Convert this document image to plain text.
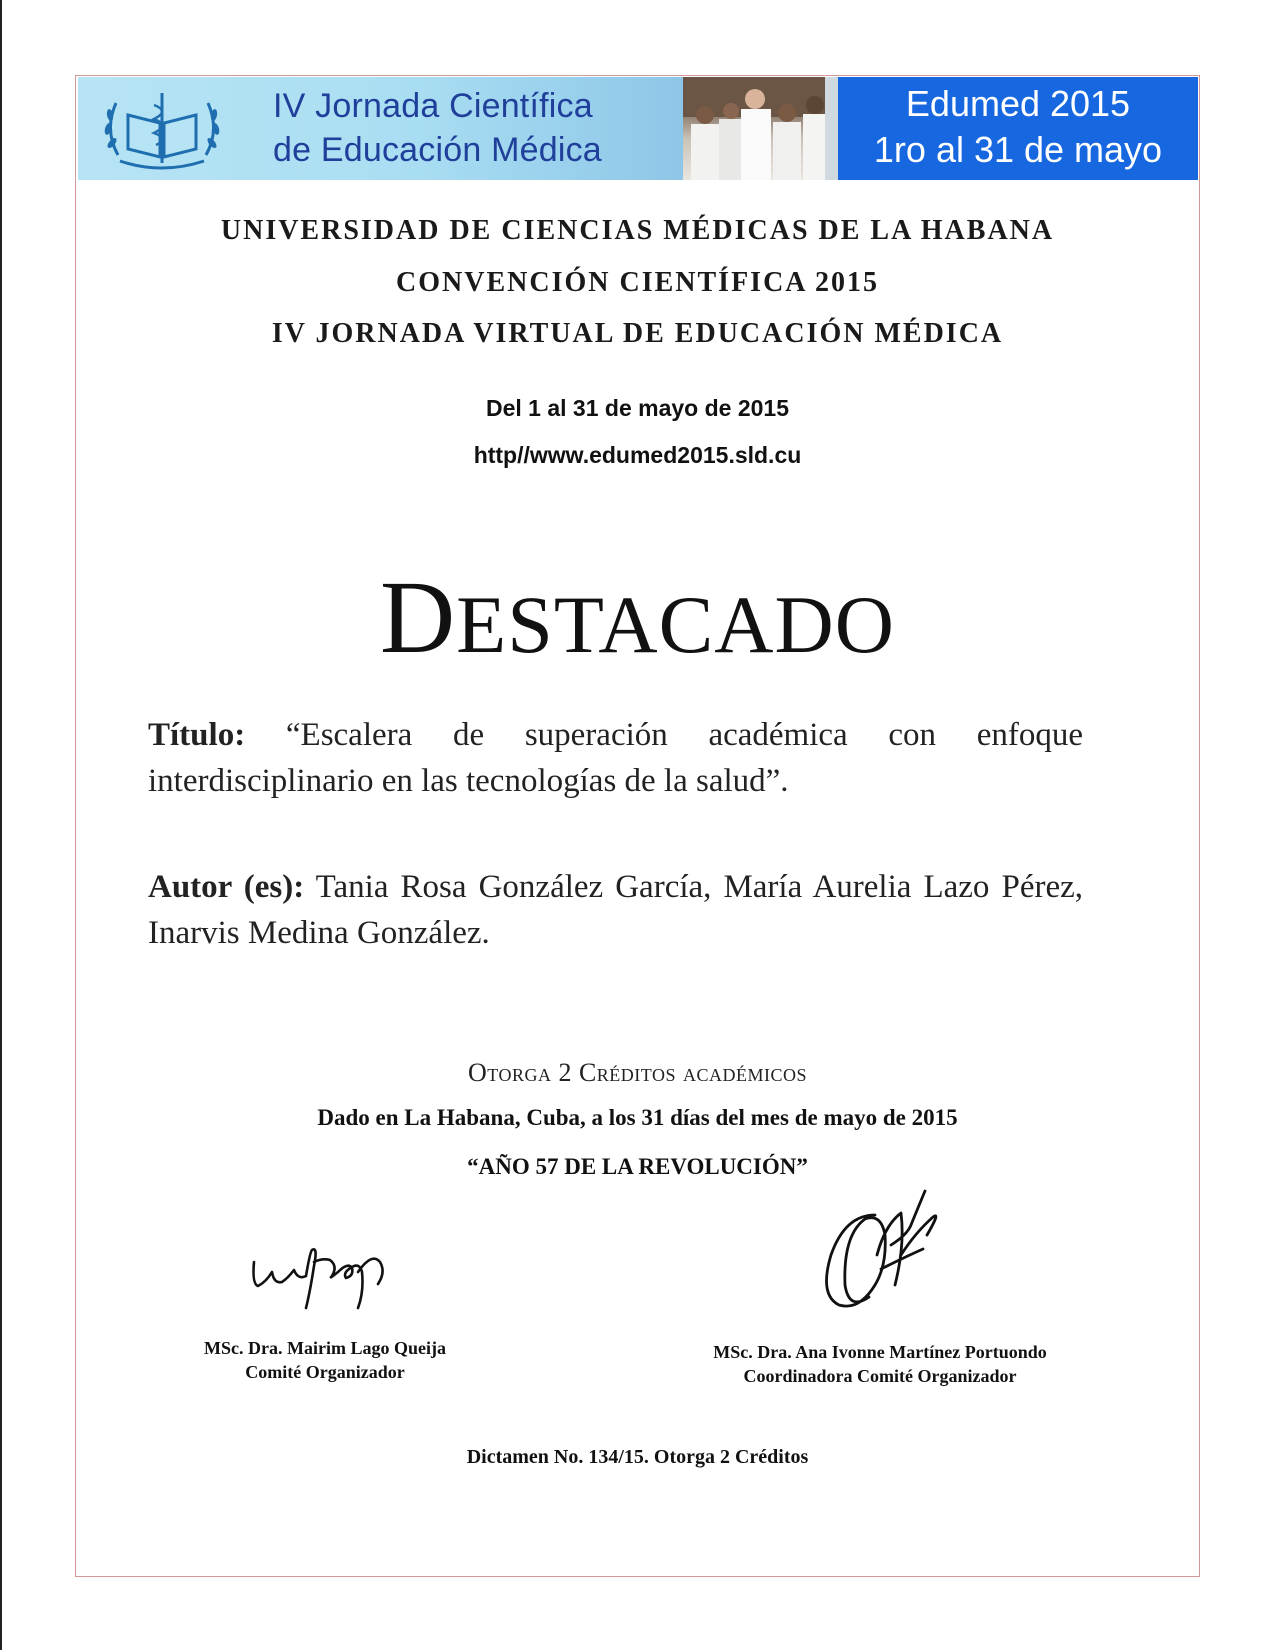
IV Jornada Científica
de Educación Médica
Edumed 2015
1ro al 31 de mayo
UNIVERSIDAD DE CIENCIAS MÉDICAS DE LA HABANA
CONVENCIÓN CIENTÍFICA 2015
IV JORNADA VIRTUAL DE EDUCACIÓN MÉDICA
Del 1 al 31 de mayo de 2015
http//www.edumed2015.sld.cu
DESTACADO
Título: “Escalera de superación académica con enfoque interdisciplinario en las tecnologías de la salud”.
Autor (es): Tania Rosa González García, María Aurelia Lazo Pérez, Inarvis Medina González.
Otorga 2 Créditos académicos
Dado en La Habana, Cuba, a los 31 días del mes de mayo de 2015
“AÑO 57 DE LA REVOLUCIÓN”
MSc. Dra. Mairim Lago Queija
Comité Organizador
MSc. Dra. Ana Ivonne Martínez Portuondo
Coordinadora Comité Organizador
Dictamen No. 134/15. Otorga 2 Créditos
